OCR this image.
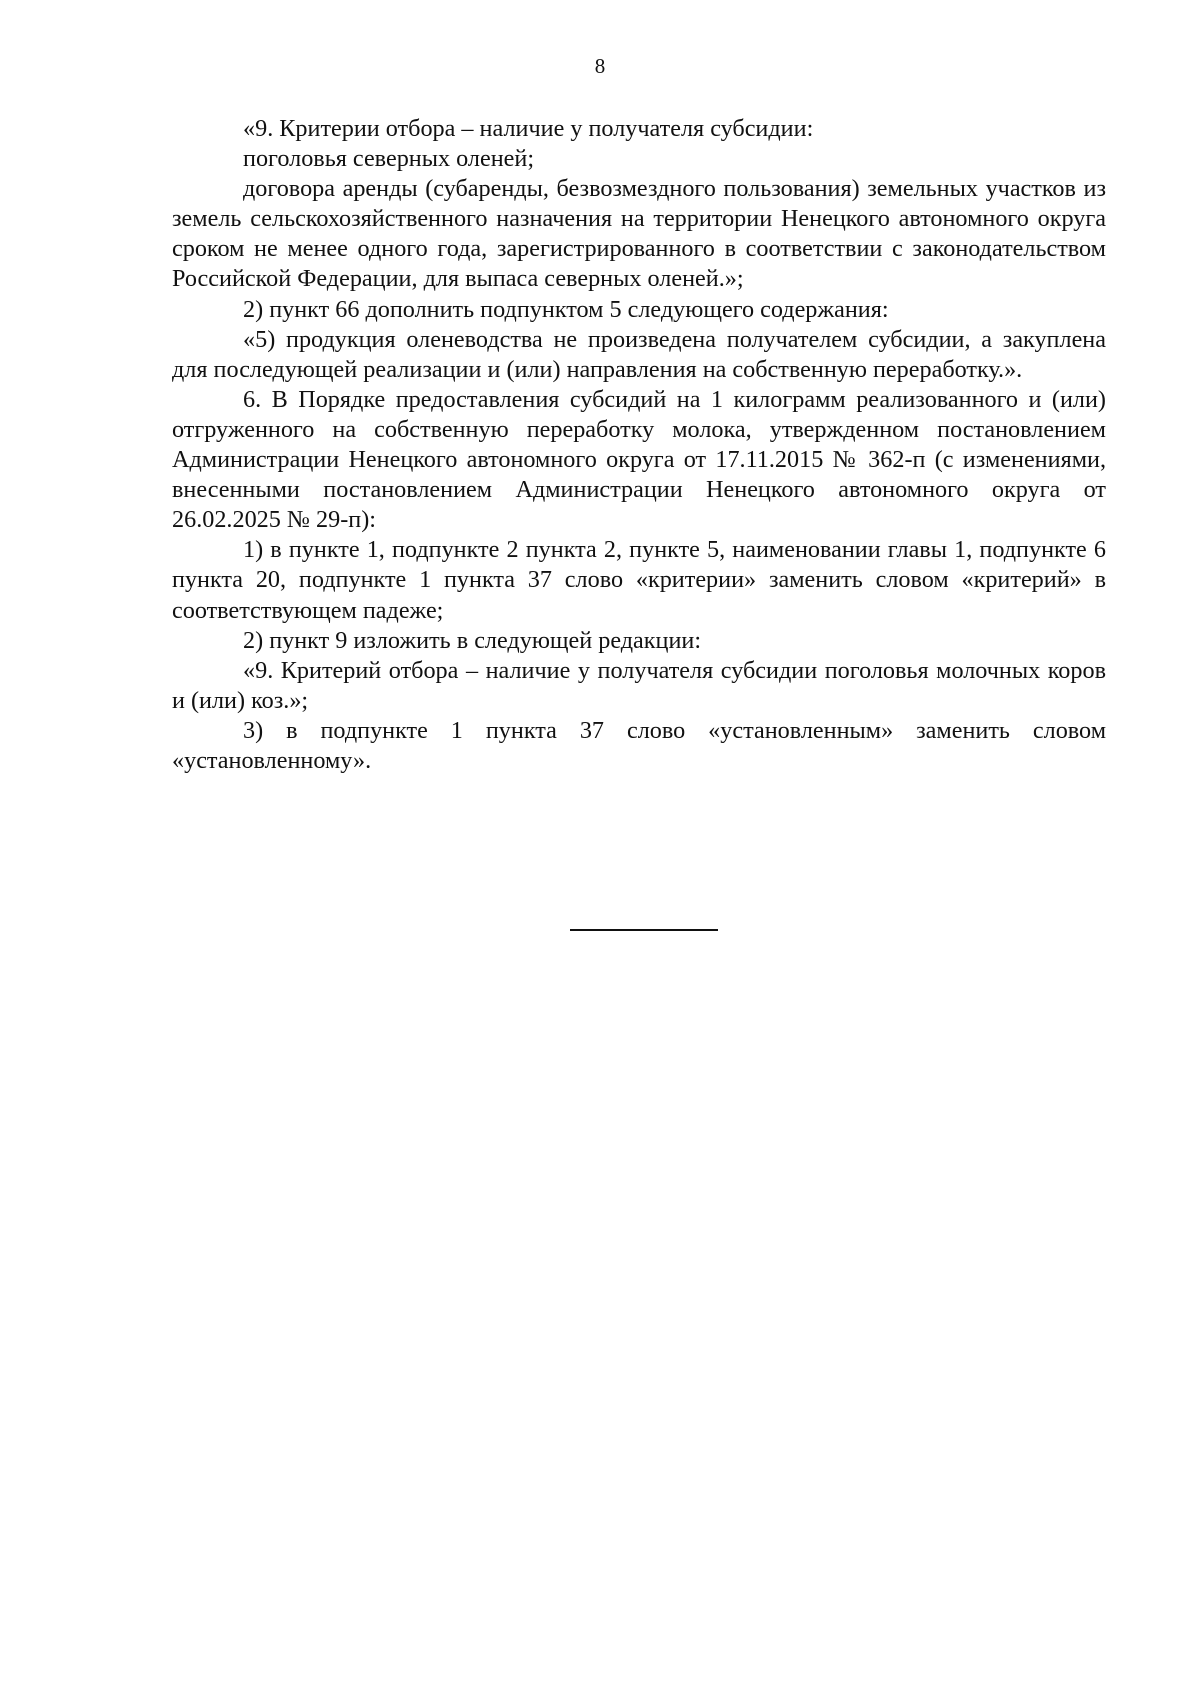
8

«9. Критерии отбора – наличие у получателя субсидии:

поголовья северных оленей;

договора аренды (субаренды, безвозмездного пользования) земельных участков из земель сельскохозяйственного назначения на территории Ненецкого автономного округа сроком не менее одного года, зарегистрированного в соответствии с законодательством Российской Федерации, для выпаса северных оленей.»;

2) пункт 66 дополнить подпунктом 5 следующего содержания:

«5) продукция оленеводства не произведена получателем субсидии, а закуплена для последующей реализации и (или) направления на собственную переработку.».

6. В Порядке предоставления субсидий на 1 килограмм реализованного и (или) отгруженного на собственную переработку молока, утвержденном постановлением Администрации Ненецкого автономного округа от 17.11.2015 № 362-п (с изменениями, внесенными постановлением Администрации Ненецкого автономного округа от 26.02.2025 № 29-п):

1) в пункте 1, подпункте 2 пункта 2, пункте 5, наименовании главы 1, подпункте 6 пункта 20, подпункте 1 пункта 37 слово «критерии» заменить словом «критерий» в соответствующем падеже;

2) пункт 9 изложить в следующей редакции:

«9. Критерий отбора – наличие у получателя субсидии поголовья молочных коров и (или) коз.»;

3) в подпункте 1 пункта 37 слово «установленным» заменить словом «установленному».
